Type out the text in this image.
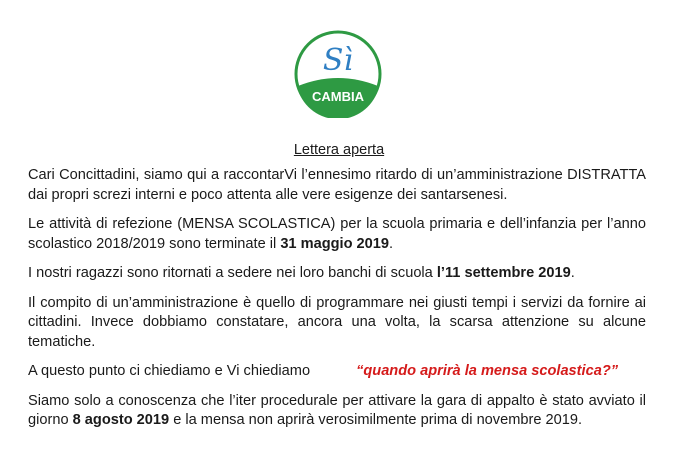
Sì
CAMBIA
Lettera aperta

Cari Concittadini, siamo qui a raccontarVi l’ennesimo ritardo di un’amministrazione DISTRATTA dai propri screzi interni e poco attenta alle vere esigenze dei santarsenesi.

Le attività di refezione (MENSA SCOLASTICA) per la scuola primaria e dell’infanzia per l’anno scolastico 2018/2019 sono terminate il 31 maggio 2019.

I nostri ragazzi sono ritornati a sedere nei loro banchi di scuola l’11 settembre 2019.

Il compito di un’amministrazione è quello di programmare nei giusti tempi i servizi da fornire ai cittadini. Invece dobbiamo constatare, ancora una volta, la scarsa attenzione su alcune tematiche.

A questo punto ci chiediamo e Vi chiediamo	“quando aprirà la mensa scolastica?”

Siamo solo a conoscenza che l’iter procedurale per attivare la gara di appalto è stato avviato il giorno 8 agosto 2019 e la mensa non aprirà verosimilmente prima di novembre 2019.
